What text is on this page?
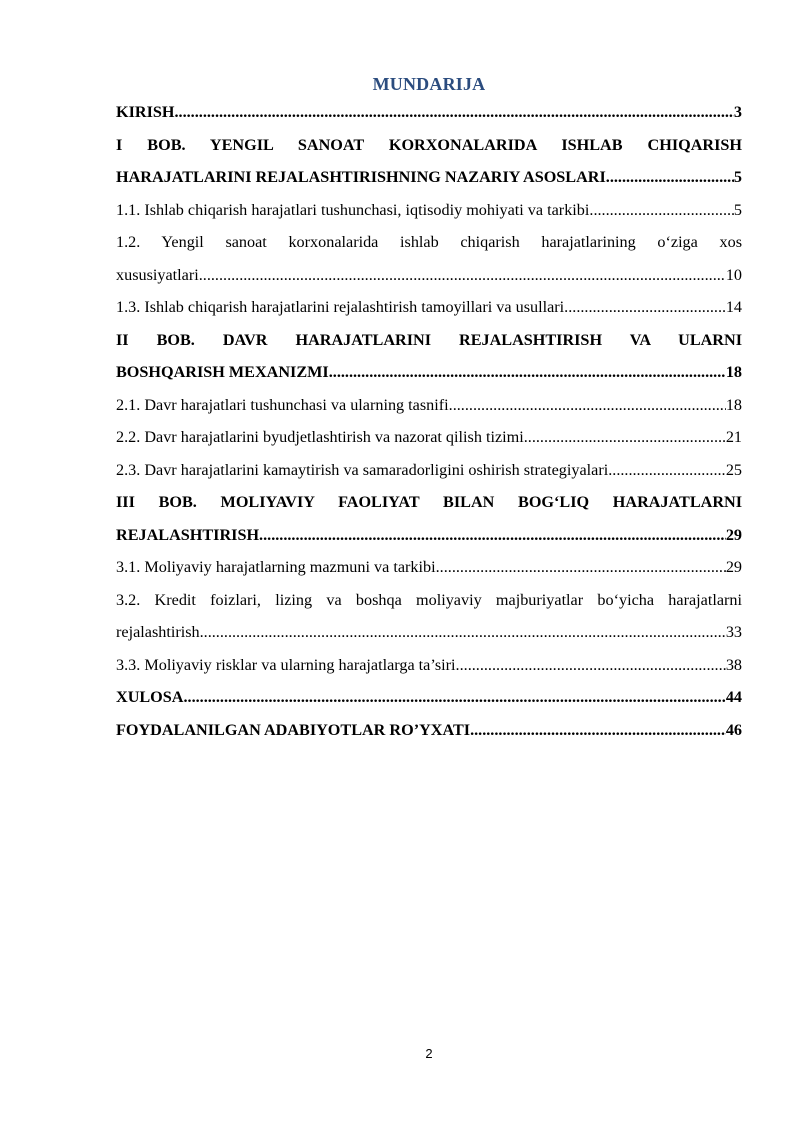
MUNDARIJA
KIRISH .....	3
I BOB. YENGIL SANOAT KORXONALARIDA ISHLAB CHIQARISH
HARAJATLARINI REJALASHTIRISHNING NAZARIY ASOSLARI .....	5
1.1. Ishlab chiqarish harajatlari tushunchasi, iqtisodiy mohiyati va tarkibi .....	5
1.2. Yengil sanoat korxonalarida ishlab chiqarish harajatlarining o‘ziga xos
xususiyatlari .....	10
1.3. Ishlab chiqarish harajatlarini rejalashtirish tamoyillari va usullari .....	14
II BOB. DAVR HARAJATLARINI REJALASHTIRISH VA ULARNI
BOSHQARISH MEXANIZMI .....	18
2.1. Davr harajatlari tushunchasi va ularning tasnifi .....	18
2.2. Davr harajatlarini byudjetlashtirish va nazorat qilish tizimi .....	21
2.3. Davr harajatlarini kamaytirish va samaradorligini oshirish strategiyalari .....	25
III BOB. MOLIYAVIY FAOLIYAT BILAN BOG‘LIQ HARAJATLARNI
REJALASHTIRISH .....	29
3.1. Moliyaviy harajatlarning mazmuni va tarkibi .....	29
3.2. Kredit foizlari, lizing va boshqa moliyaviy majburiyatlar bo‘yicha harajatlarni
rejalashtirish .....	33
3.3. Moliyaviy risklar va ularning harajatlarga ta’siri .....	38
XULOSA .....	44
FOYDALANILGAN ADABIYOTLAR RO’YXATI .....	46
2
